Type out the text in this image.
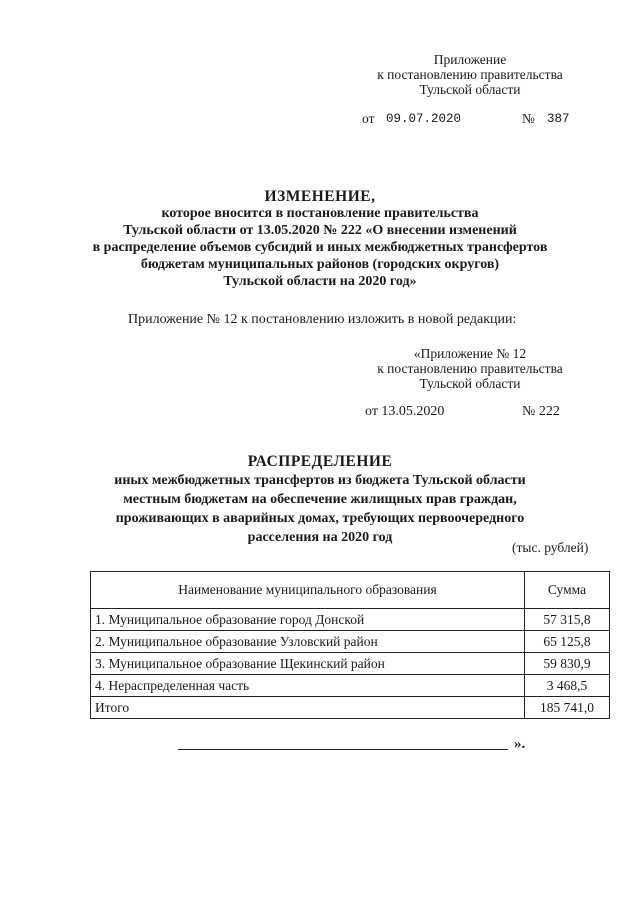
Приложение
к постановлению правительства
Тульской области
от 09.07.2020	№ 387
ИЗМЕНЕНИЕ,
которое вносится в постановление правительства
Тульской области от 13.05.2020 № 222 «О внесении изменений
в распределение объемов субсидий и иных межбюджетных трансфертов
бюджетам муниципальных районов (городских округов)
Тульской области на 2020 год»
Приложение № 12 к постановлению изложить в новой редакции:
«Приложение № 12
к постановлению правительства
Тульской области
от 13.05.2020	№ 222
РАСПРЕДЕЛЕНИЕ
иных межбюджетных трансфертов из бюджета Тульской области
местным бюджетам на обеспечение жилищных прав граждан,
проживающих в аварийных домах, требующих первоочередного
расселения на 2020 год
(тыс. рублей)
Наименование муниципального образования	Сумма
1. Муниципальное образование город Донской	57 315,8
2. Муниципальное образование Узловский район	65 125,8
3. Муниципальное образование Щекинский район	59 830,9
4. Нераспределенная часть	3 468,5
Итого	185 741,0
».
